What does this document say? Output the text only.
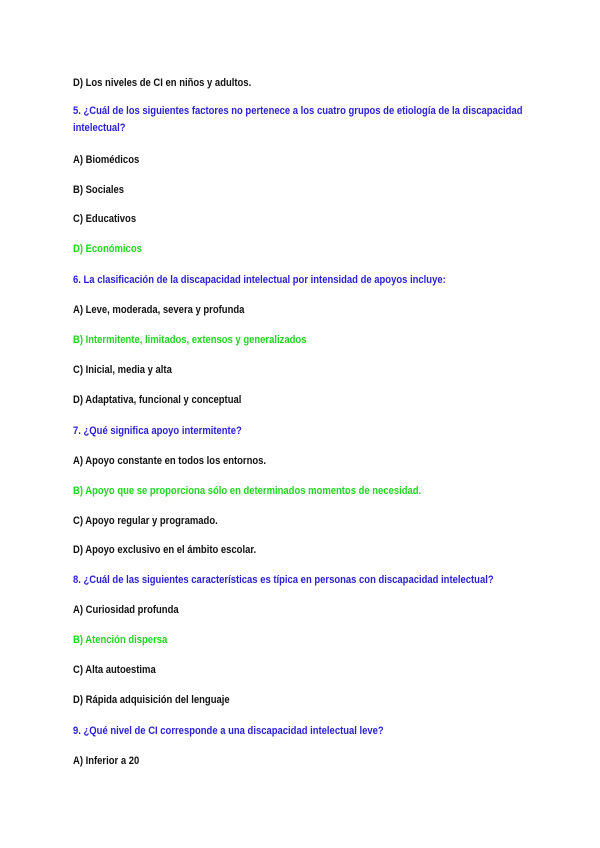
D) Los niveles de CI en niños y adultos.
5. ¿Cuál de los siguientes factores no pertenece a los cuatro grupos de etiología de la discapacidad
intelectual?
A) Biomédicos
B) Sociales
C) Educativos
D) Económicos
6. La clasificación de la discapacidad intelectual por intensidad de apoyos incluye:
A) Leve, moderada, severa y profunda
B) Intermitente, limitados, extensos y generalizados
C) Inicial, media y alta
D) Adaptativa, funcional y conceptual
7. ¿Qué significa apoyo intermitente?
A) Apoyo constante en todos los entornos.
B) Apoyo que se proporciona sólo en determinados momentos de necesidad.
C) Apoyo regular y programado.
D) Apoyo exclusivo en el ámbito escolar.
8. ¿Cuál de las siguientes características es típica en personas con discapacidad intelectual?
A) Curiosidad profunda
B) Atención dispersa
C) Alta autoestima
D) Rápida adquisición del lenguaje
9. ¿Qué nivel de CI corresponde a una discapacidad intelectual leve?
A) Inferior a 20
